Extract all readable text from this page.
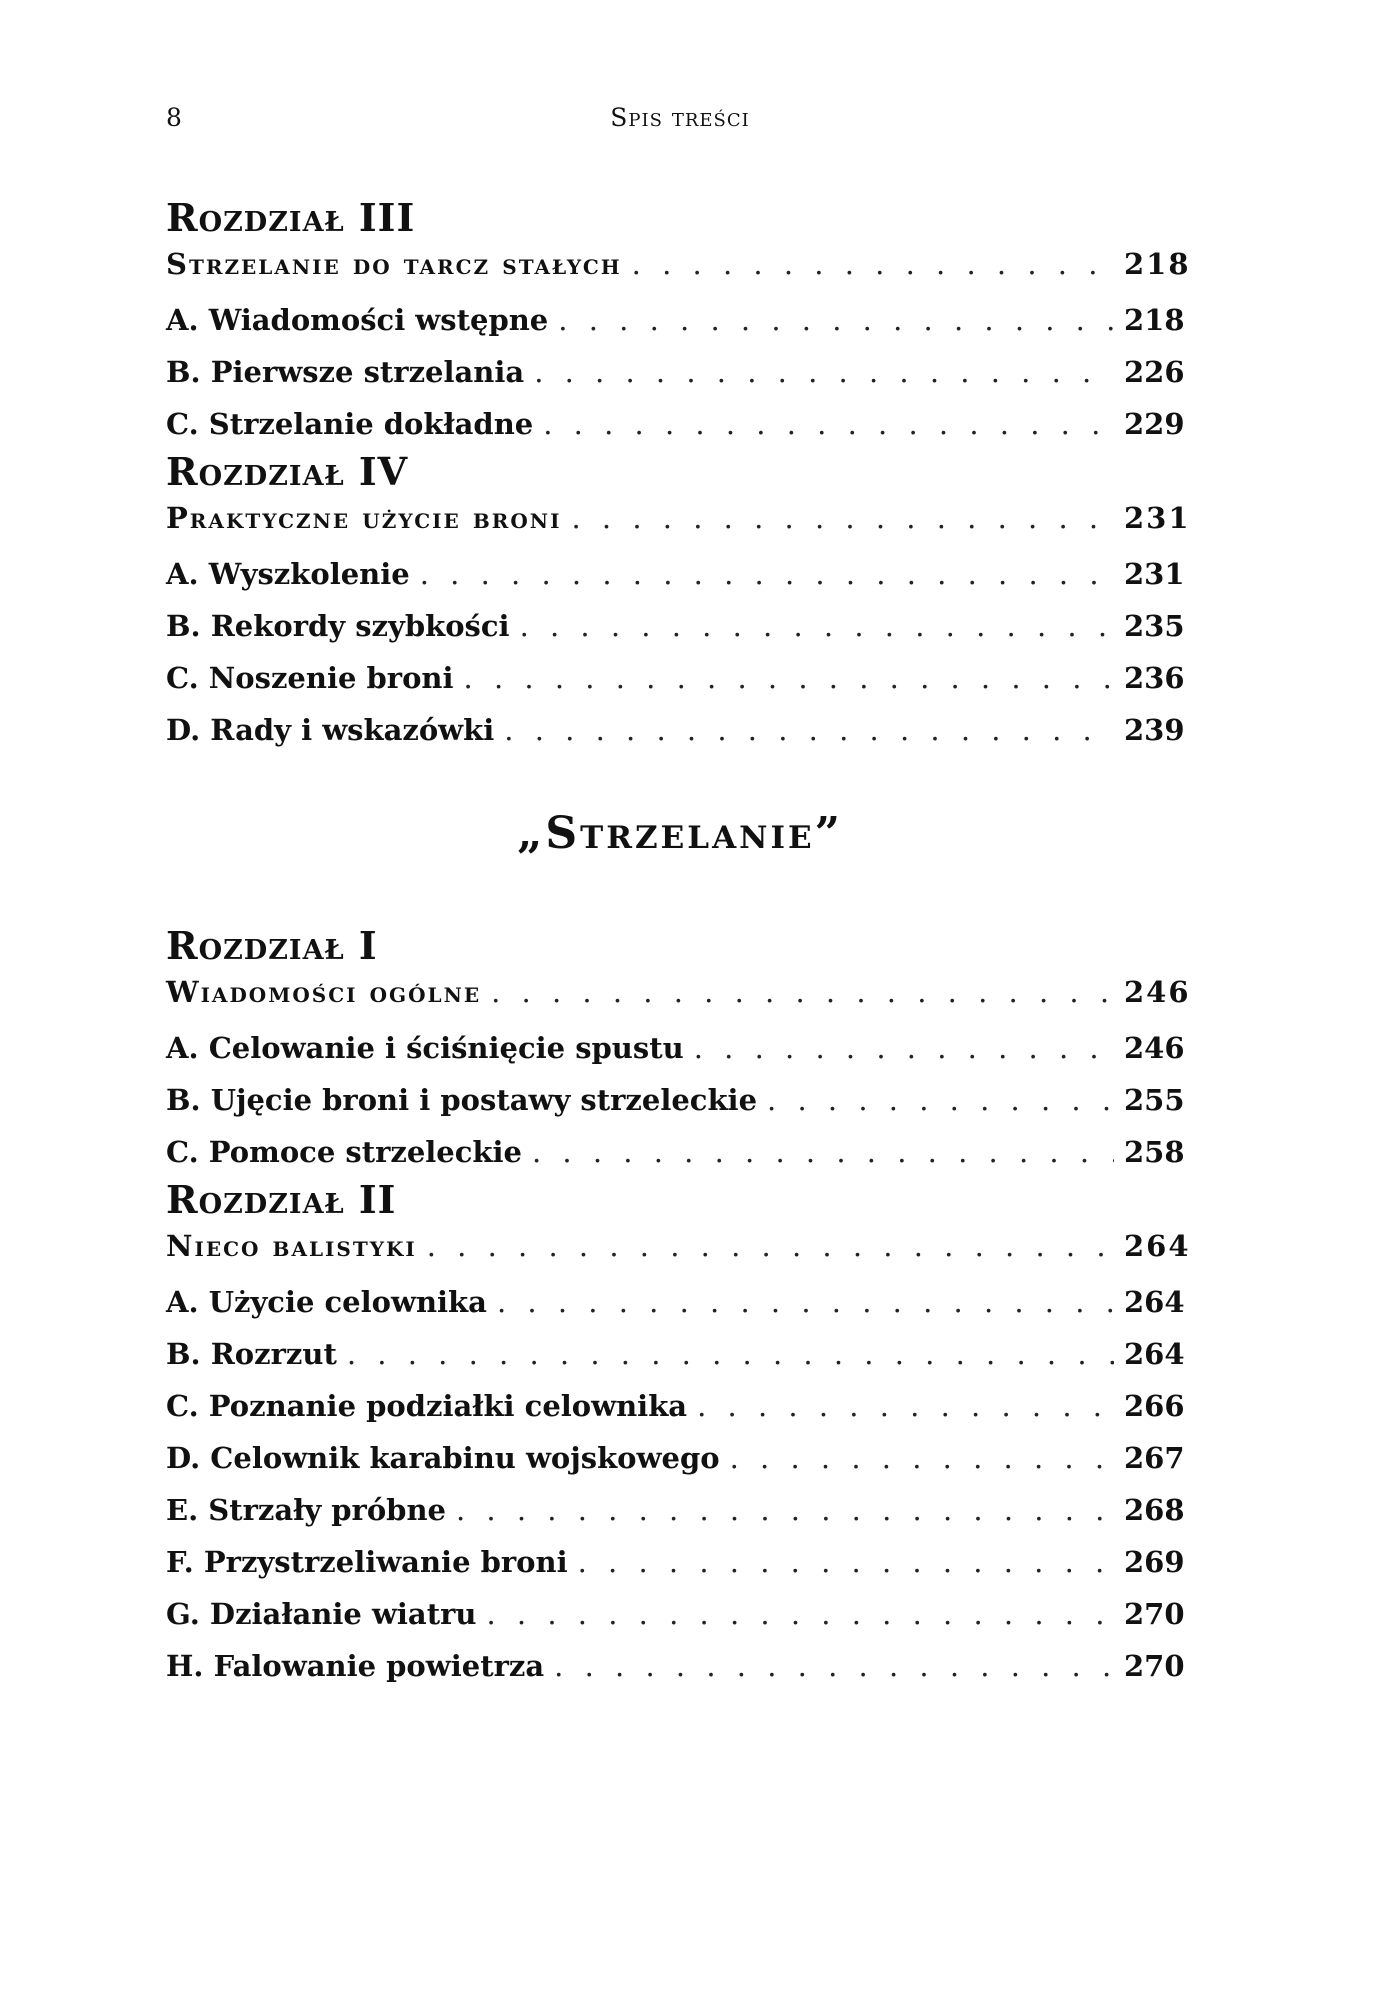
8	Spis treści
Rozdział III
Strzelanie do tarcz stałych . . .	218
A. Wiadomości wstępne . . .	218
B. Pierwsze strzelania . . .	226
C. Strzelanie dokładne . . .	229
Rozdział IV
Praktyczne użycie broni . . .	231
A. Wyszkolenie . . .	231
B. Rekordy szybkości . . .	235
C. Noszenie broni . . .	236
D. Rady i wskazówki . . .	239
„Strzelanie”
Rozdział I
Wiadomości ogólne . . .	246
A. Celowanie i ściśnięcie spustu . . .	246
B. Ujęcie broni i postawy strzeleckie . . .	255
C. Pomoce strzeleckie . . .	258
Rozdział II
Nieco balistyki . . .	264
A. Użycie celownika . . .	264
B. Rozrzut . . .	264
C. Poznanie podziałki celownika . . .	266
D. Celownik karabinu wojskowego . . .	267
E. Strzały próbne . . .	268
F. Przystrzeliwanie broni . . .	269
G. Działanie wiatru . . .	270
H. Falowanie powietrza . . .	270
